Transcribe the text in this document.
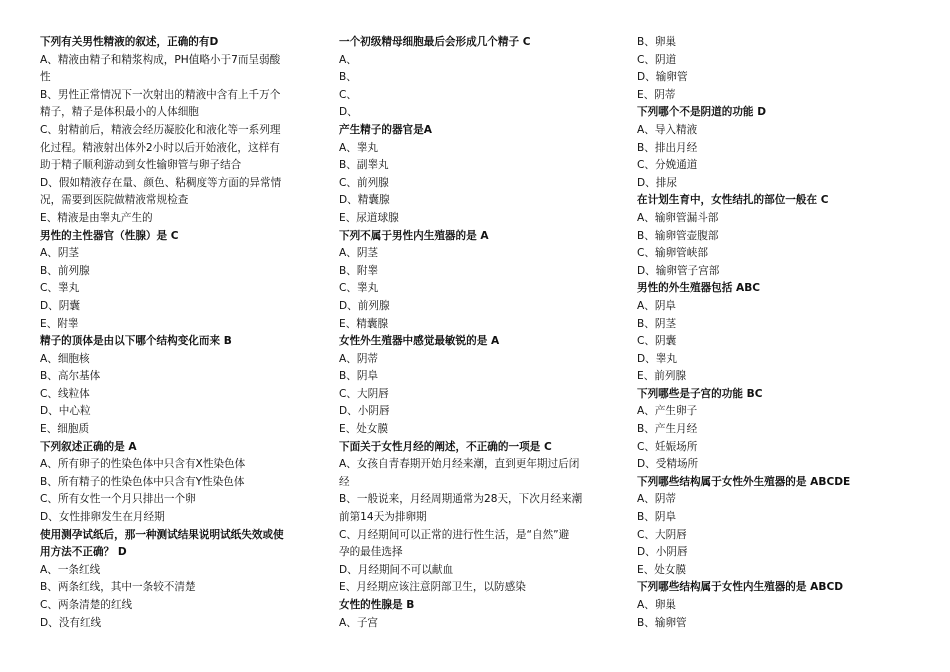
下列有关男性精液的叙述，正确的有D
A、精液由精子和精浆构成，PH值略小于7而呈弱酸
性
B、男性正常情况下一次射出的精液中含有上千万个
精子，精子是体积最小的人体细胞
C、射精前后，精液会经历凝胶化和液化等一系列理
化过程。精液射出体外2小时以后开始液化，这样有
助于精子顺利游动到女性输卵管与卵子结合
D、假如精液存在量、颜色、粘稠度等方面的异常情
况，需要到医院做精液常规检查
E、精液是由睾丸产生的
男性的主性器官（性腺）是 C
A、阴茎
B、前列腺
C、睾丸
D、阴囊
E、附睾
精子的顶体是由以下哪个结构变化而来 B
A、细胞核
B、高尔基体
C、线粒体
D、中心粒
E、细胞质
下列叙述正确的是 A
A、所有卵子的性染色体中只含有X性染色体
B、所有精子的性染色体中只含有Y性染色体
C、所有女性一个月只排出一个卵
D、女性排卵发生在月经期
使用测孕试纸后，那一种测试结果说明试纸失效或使
用方法不正确？ D
A、一条红线
B、两条红线，其中一条较不清楚
C、两条清楚的红线
D、没有红线
一个初级精母细胞最后会形成几个精子 C
A、
B、
C、
D、
产生精子的器官是A
A、睾丸
B、副睾丸
C、前列腺
D、精囊腺
E、尿道球腺
下列不属于男性内生殖器的是 A
A、阴茎
B、附睾
C、睾丸
D、前列腺
E、精囊腺
女性外生殖器中感觉最敏锐的是 A
A、阴蒂
B、阴阜
C、大阴唇
D、小阴唇
E、处女膜
下面关于女性月经的阐述，不正确的一项是 C
A、女孩自青春期开始月经来潮，直到更年期过后闭
经
B、一般说来，月经周期通常为28天，下次月经来潮
前第14天为排卵期
C、月经期间可以正常的进行性生活，是“自然”避
孕的最佳选择
D、月经期间不可以献血
E、月经期应该注意阴部卫生，以防感染
女性的性腺是 B
A、子宫
B、卵巢
C、阴道
D、输卵管
E、阴蒂
下列哪个不是阴道的功能 D
A、导入精液
B、排出月经
C、分娩通道
D、排尿
在计划生育中，女性结扎的部位一般在 C
A、输卵管漏斗部
B、输卵管壶腹部
C、输卵管峡部
D、输卵管子宫部
男性的外生殖器包括 ABC
A、阴阜
B、阴茎
C、阴囊
D、睾丸
E、前列腺
下列哪些是子宫的功能 BC
A、产生卵子
B、产生月经
C、妊娠场所
D、受精场所
下列哪些结构属于女性外生殖器的是 ABCDE
A、阴蒂
B、阴阜
C、大阴唇
D、小阴唇
E、处女膜
下列哪些结构属于女性内生殖器的是 ABCD
A、卵巢
B、输卵管
